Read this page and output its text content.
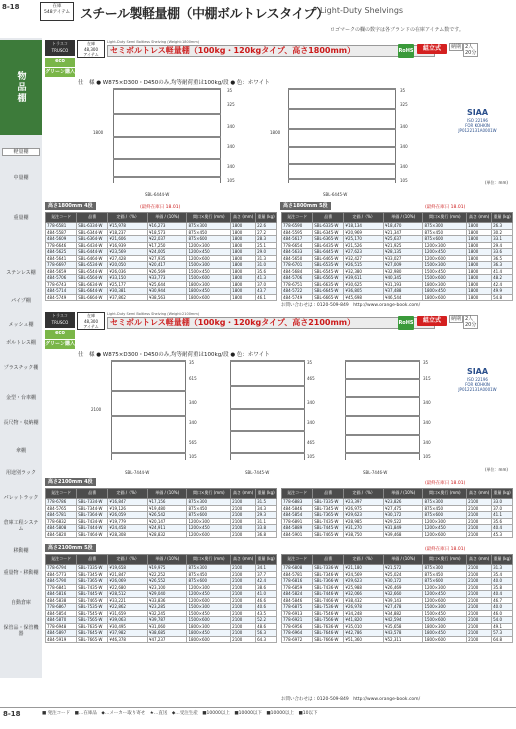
8-18	在庫
548アイテム スチール製軽量棚（中棚ボルトレスタイプ）
Light-Duty Shelvings
ロゴマークの欄の数字は各ブランドの在庫アイテム数です。
物品棚
軽量棚
中量棚
重量棚
ステンレス棚
パイプ棚
メッシュ棚
ボルトレス棚
プラスチック棚
金型・台車棚
長尺物・収納棚
傘棚
用途別ラック
パレットラック
倉庫工程システム
移動棚
重量物・移動棚
自動倉庫
保管品・保管機器
トラスコ
TRUSCO
在庫
48,300
アイテム
eco
グリーン購入
Light-Duty Semi Boltless Shelving (Weight:1800mm)
セミボルトレス軽量棚（100kg・120kgタイプ、高さ1800mm）	RoHS	組立式	納期 2人
20分
仕　様 ● W875×D300・D450のみ,均等耐荷重は100kg/段 ● 色：ホワイト
1800
35
325
340
340
340
105
SBL-6444-W
1800
35
325
340
340
340
105
SBL-6445-W
SIAA
ISO 22196
FOR KOHKIN
JP0122131A0001W
(単位：mm)
高さ1800mm 4段	(最終在庫日 18.01)	高さ1800mm 5段	(最終在庫日 18.01)
発注コード	品番	定価 /（%）	単価 / (10%)	間口×奥行 (mm)	高さ (mm)	重量 (kg)
778-6581	SBL-6334-W	¥15,978	¥16,273	875×300	1800	22.6
484-5587	SBL-6344-W	¥18,237	¥18,573	875×450	1800	27.2
484-5609	SBL-6364-W	¥21,606	¥22,037	875×600	1800	28.3
778-6646	SBL-6434-W	¥16,939	¥17,250	1200×300	1800	25.1
484-5625	SBL-6444-W	¥23,569	¥24,005	1200×450	1800	29.0
484-5641	SBL-6464-W	¥27,428	¥27,935	1200×600	1800	31.3
778-6697	SBL-6534-W	¥20,050	¥20,417	1500×300	1800	31.0
484-5659	SBL-6544-W	¥26,036	¥26,569	1500×450	1800	35.6
484-5706	SBL-6564-W	¥33,150	¥33,773	1500×600	1800	41.3
778-6743	SBL-6634-W	¥25,177	¥25,644	1800×300	1800	37.0
484-5714	SBL-6644-W	¥30,381	¥30,944	1800×450	1800	43.7
484-5749	SBL-6664-W	¥37,862	¥38,563	1800×600	1800	46.1
発注コード	品番	定価 /（%）	単価 / (10%)	間口×奥行 (mm)	高さ (mm)	重量 (kg)
778-6590	SBL-6335-W	¥18,134	¥18,470	875×300	1800	26.3
484-5595	SBL-6345-W	¥20,969	¥21,347	875×450	1800	30.2
484-5617	SBL-6365-W	¥25,170	¥25,637	875×600	1800	33.1
778-6654	SBL-6435-W	¥21,526	¥21,925	1200×300	1800	29.4
484-5633	SBL-6445-W	¥27,623	¥28,135	1200×450	1800	33.6
484-5650	SBL-6465-W	¥32,427	¥33,027	1200×600	1800	36.5
778-6701	SBL-6535-W	¥26,515	¥27,009	1500×300	1800	36.3
484-5684	SBL-6545-W	¥32,380	¥32,980	1500×450	1800	41.4
484-5706	SBL-6565-W	¥39,611	¥40,345	1500×600	1800	48.2
778-6751	SBL-6635-W	¥30,625	¥31,193	1800×300	1800	42.4
484-5722	SBL-6645-W	¥36,805	¥37,488	1800×450	1800	49.9
484-5749	SBL-6665-W	¥45,698	¥46,544	1800×600	1800	54.8
お問い合わせは : 0120-509-849　http://www.orange-book.com/
トラスコ
TRUSCO
在庫
48,300
アイテム
eco
グリーン購入
Light-Duty Semi Boltless Shelving (Weight:2100mm)
セミボルトレス軽量棚（100kg・120kgタイプ、高さ2100mm）	RoHS	組立式	納期 2人
20分
仕　様 ● W875×D300・D450のみ,均等耐荷重は100kg/段 ● 色：ホワイト
2100
35
615
340
340
565
105
SBL-7444-W
35
465
340
340
465
105
SBL-7445-W
35
315
340
340
340
105
SBL-7446-W
SIAA
ISO 22196
FOR KOHKIN
JP0122131A0001W
(単位：mm)
高さ2100mm 4段	(最終在庫日 18.01)
発注コード	品番	定価 /（%）	単価 / (10%)	間口×奥行 (mm)	高さ (mm)	重量 (kg)
778-6786	SBL-7334-W	¥16,847	¥17,156	875×300	2100	31.5
484-5765	SBL-7344-W	¥19,126	¥19,480	875×450	2100	34.3
484-5781	SBL-7364-W	¥26,059	¥26,542	875×600	2100	29.3
778-6832	SBL-7434-W	¥19,779	¥20,147	1200×300	2100	31.1
484-5808	SBL-7444-W	¥24,458	¥24,911	1200×450	2100	33.8
484-5820	SBL-7464-W	¥28,308	¥28,832	1200×600	2100	36.8
発注コード	品番	定価 /（%）	単価 / (10%)	間口×奥行 (mm)	高さ (mm)	重量 (kg)
778-6883	SBL-7335-W	¥23,397	¥23,826	875×300	2100	33.0
484-5846	SBL-7345-W	¥26,975	¥27,475	875×450	2100	37.0
484-5854	SBL-7365-W	¥29,623	¥30,172	875×600	2100	41.1
778-6891	SBL-7435-W	¥28,985	¥29,522	1200×300	2100	35.6
484-5889	SBL-7445-W	¥31,270	¥31,849	1200×450	2100	40.4
484-5901	SBL-7465-W	¥38,750	¥39,468	1200×600	2100	45.3
高さ2100mm 5段	(最終在庫日 18.01)
発注コード	品番	定価 /（%）	単価 / (10%)	間口×奥行 (mm)	高さ (mm)	重量 (kg)
778-6794	SBL-7335-W	¥19,658	¥19,975	875×300	2100	34.1
484-5773	SBL-7345-W	¥21,847	¥22,252	875×450	2100	37.7
484-5790	SBL-7365-W	¥26,069	¥26,552	875×600	2100	42.4
778-6841	SBL-7435-W	¥22,680	¥23,100	1200×300	2100	38.6
484-5816	SBL-7445-W	¥28,512	¥29,040	1200×450	2100	41.0
484-5838	SBL-7465-W	¥33,221	¥33,836	1200×600	2100	46.6
778-6867	SBL-7535-W	¥22,862	¥23,285	1500×300	2100	40.6
484-5854	SBL-7545-W	¥31,659	¥32,245	1500×450	2100	43.5
484-5870	SBL-7565-W	¥39,063	¥39,787	1500×600	2100	52.2
778-6948	SBL-7635-W	¥30,495	¥31,060	1800×300	2100	48.6
484-5897	SBL-7645-W	¥37,982	¥38,685	1800×450	2100	56.3
484-5919	SBL-7665-W	¥46,378	¥47,237	1800×600	2100	64.3
発注コード	品番	定価 /（%）	単価 / (10%)	間口×奥行 (mm)	高さ (mm)	重量 (kg)
778-6808	SBL-7336-W	¥21,180	¥21,572	875×300	2100	31.3
484-5781	SBL-7346-W	¥24,569	¥25,024	875×450	2100	35.4
778-6816	SBL-7366-W	¥29,623	¥30,172	875×600	2100	40.0
778-6859	SBL-7436-W	¥25,988	¥26,469	1200×300	2100	35.8
484-5824	SBL-7446-W	¥32,066	¥32,660	1200×450	2100	40.4
484-5846	SBL-7466-W	¥38,432	¥39,143	1200×600	2100	46.7
778-6875	SBL-7536-W	¥26,978	¥27,478	1500×300	2100	40.0
778-6913	SBL-7546-W	¥34,248	¥34,882	1500×450	2100	46.0
778-6921	SBL-7566-W	¥41,820	¥42,594	1500×600	2100	54.0
778-6956	SBL-7636-W	¥35,010	¥35,658	1800×300	2100	49.1
778-6964	SBL-7646-W	¥42,786	¥43,578	1800×450	2100	57.3
778-6972	SBL-7666-W	¥51,360	¥52,311	1800×600	2100	64.8
お問い合わせは : 0120-509-849　http://www.orange-book.com/
8-18	■ 発注コード　■…在庫品　◆…メーカー取り寄せ　★…直送　◆…受注生産　■10000以上　■10000以下　■10000以上　■10以下
